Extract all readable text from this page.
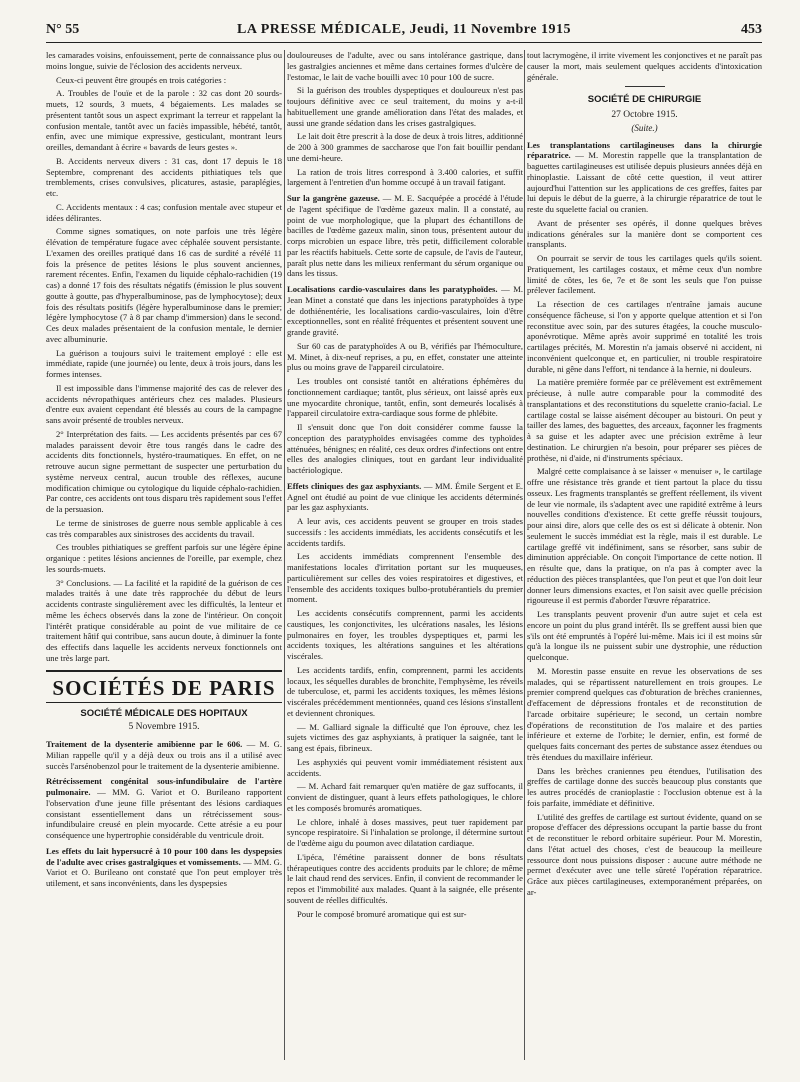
N° 55	LA PRESSE MÉDICALE, Jeudi, 11 Novembre 1915	453

les camarades voisins, enfouissement, perte de connaissance plus ou moins longue, suivie de l'éclosion des accidents nerveux.

Ceux-ci peuvent être groupés en trois catégories :

A. Troubles de l'ouïe et de la parole : 32 cas dont 20 sourds-muets, 12 sourds, 3 muets, 4 bégaiements. Les malades se présentent tantôt sous un aspect exprimant la terreur et rappelant la confusion mentale, tantôt avec un faciès impassible, hébété, tantôt, enfin, avec une mimique expressive, gesticulant, montrant leurs oreilles, demandant à écrire « bavards de leurs gestes ».

B. Accidents nerveux divers : 31 cas, dont 17 depuis le 18 Septembre, comprenant des accidents pithiatiques tels que tremblements, crises convulsives, plicatures, astasie, paraplégies, etc.

C. Accidents mentaux : 4 cas; confusion mentale avec stupeur et idées délirantes.

Comme signes somatiques, on note parfois une très légère élévation de température fugace avec céphalée souvent persistante. L'examen des oreilles pratiqué dans 16 cas de surdité a révélé 11 fois la présence de petites lésions le plus souvent anciennes, rarement récentes. Enfin, l'examen du liquide céphalo-rachidien (19 cas) a donné 17 fois des résultats négatifs (émission le plus souvent goutte à goutte, pas d'hyperalbuminose, pas de lymphocytose); deux fois des résultats positifs (légère hyperalbuminose dans le premier; légère lymphocytose (7 à 8 par champ d'immersion) dans le second. Ces deux malades présentaient de la confusion mentale, le dernier avec albuminurie.

La guérison a toujours suivi le traitement employé : elle est immédiate, rapide (une journée) ou lente, deux à trois jours, dans les formes intenses.

Il est impossible dans l'immense majorité des cas de relever des accidents névropathiques antérieurs chez ces malades. Plusieurs d'entre eux avaient cependant été blessés au cours de la campagne sans avoir présenté de troubles nerveux.

2° Interprétation des faits. — Les accidents présentés par ces 67 malades paraissent devoir être tous rangés dans le cadre des accidents dits fonctionnels, hystéro-traumatiques. En effet, on ne retrouve aucun signe permettant de suspecter une perturbation du système nerveux central, aucun trouble des réflexes, aucune modification chimique ou cytologique du liquide céphalo-rachidien. Par contre, ces accidents ont tous disparu très rapidement sous l'effet de la persuasion.

Le terme de sinistroses de guerre nous semble applicable à ces cas très comparables aux sinistroses des accidents du travail.

Ces troubles pithiatiques se greffent parfois sur une légère épine organique : petites lésions anciennes de l'oreille, par exemple, chez les sourds-muets.

3° Conclusions. — La facilité et la rapidité de la guérison de ces malades traités à une date très rapprochée du début de leurs accidents contraste singulièrement avec les difficultés, la lenteur et même les échecs observés dans la zone de l'intérieur. On conçoit l'intérêt pratique considérable au point de vue militaire de ce traitement hâtif qui contribue, sans aucun doute, à diminuer la fonte des effectifs dans laquelle les accidents nerveux fonctionnels ont une très large part.

SOCIÉTÉS DE PARIS
SOCIÉTÉ MÉDICALE DES HOPITAUX
5 Novembre 1915.

Traitement de la dysenterie amibienne par le 606. — M. G. Milian rappelle qu'il y a déjà deux ou trois ans il a utilisé avec succès l'arsénobenzol pour le traitement de la dysenterie amibienne.

Rétrécissement congénital sous-infundibulaire de l'artère pulmonaire. — MM. G. Variot et O. Burileano rapportent l'observation d'une jeune fille présentant des lésions cardiaques consistant essentiellement dans un rétrécissement sous-infundibulaire creusé en plein myocarde. Cette atrésie a eu pour conséquence une hypertrophie considérable du ventricule droit.

Les effets du lait hypersucré à 10 pour 100 dans les dyspepsies de l'adulte avec crises gastralgiques et vomissements. — MM. G. Variot et O. Burileano ont constaté que l'on peut employer très utilement, et sans inconvénients, dans les dyspepsies

douloureuses de l'adulte, avec ou sans intolérance gastrique, dans les gastralgies anciennes et même dans certaines formes d'ulcère de l'estomac, le lait de vache bouilli avec 10 pour 100 de sucre.

Si la guérison des troubles dyspeptiques et douloureux n'est pas toujours définitive avec ce seul traitement, du moins y a-t-il habituellement une grande amélioration dans l'état des malades, et aussi une grande sédation dans les crises gastralgiques.

Le lait doit être prescrit à la dose de deux à trois litres, additionné de 200 à 300 grammes de saccharose que l'on fait bouillir pendant une demi-heure.

La ration de trois litres correspond à 3.400 calories, et suffit largement à l'entretien d'un homme occupé à un travail fatigant.

Sur la gangrène gazeuse. — M. E. Sacquépée a procédé à l'étude de l'agent spécifique de l'œdème gazeux malin. Il a constaté, au point de vue morphologique, que la plupart des échantillons de bacilles de l'œdème gazeux malin, sinon tous, présentent autour du corps microbien un espace libre, très petit, difficilement colorable par les réactifs habituels. Cette sorte de capsule, de l'avis de l'auteur, paraît plus nette dans les milieux renfermant du sérum organique ou dans les tissus.

Localisations cardio-vasculaires dans les paratyphoïdes. — M. Jean Minet a constaté que dans les injections paratyphoïdes à type de dothiénentérie, les localisations cardio-vasculaires, loin d'être exceptionnelles, sont en réalité fréquentes et présentent souvent une grande gravité.

Sur 60 cas de paratyphoïdes A ou B, vérifiés par l'hémoculture, M. Minet, à dix-neuf reprises, a pu, en effet, constater une atteinte plus ou moins grave de l'appareil circulatoire.

Les troubles ont consisté tantôt en altérations éphémères du fonctionnement cardiaque; tantôt, plus sérieux, ont laissé après eux une myocardite chronique, tantôt, enfin, sont demeurés localisés à l'appareil circulatoire extra-cardiaque sous forme de phlébite.

Il s'ensuit donc que l'on doit considérer comme fausse la conception des paratyphoïdes envisagées comme des typhoïdes atténuées, bénignes; en réalité, ces deux ordres d'infections ont entre elles des analogies cliniques, tout en gardant leur individualité bactériologique.

Effets cliniques des gaz asphyxiants. — MM. Émile Sergent et E. Agnel ont étudié au point de vue clinique les accidents déterminés par les gaz asphyxiants.

A leur avis, ces accidents peuvent se grouper en trois stades successifs : les accidents immédiats, les accidents consécutifs et les accidents tardifs.

Les accidents immédiats comprennent l'ensemble des manifestations locales d'irritation portant sur les muqueuses, particulièrement sur celles des voies respiratoires et digestives, et l'ensemble des accidents toxiques bulbo-protubérantiels du premier moment.

Les accidents consécutifs comprennent, parmi les accidents caustiques, les conjonctivites, les ulcérations nasales, les lésions pulmonaires en foyer, les troubles dyspeptiques et, parmi les accidents toxiques, les altérations sanguines et les altérations viscérales.

Les accidents tardifs, enfin, comprennent, parmi les accidents locaux, les séquelles durables de bronchite, l'emphysème, les réveils de tuberculose, et, parmi les accidents toxiques, les mêmes lésions viscérales précédemment mentionnées, quand ces lésions s'installent et deviennent chroniques.

— M. Galliard signale la difficulté que l'on éprouve, chez les sujets victimes des gaz asphyxiants, à pratiquer la saignée, tant le sang est épais, fibrineux.

Les asphyxiés qui peuvent vomir immédiatement résistent aux accidents.

— M. Achard fait remarquer qu'en matière de gaz suffocants, il convient de distinguer, quant à leurs effets pathologiques, le chlore et les composés bromurés aromatiques.

Le chlore, inhalé à doses massives, peut tuer rapidement par syncope respiratoire. Si l'inhalation se prolonge, il détermine surtout de l'œdème aigu du poumon avec dilatation cardiaque.

L'ipéca, l'émétine paraissent donner de bons résultats thérapeutiques contre des accidents produits par le chlore; de même le lait chaud rend des services. Enfin, il convient de recommander le repos et l'immobilité aux malades. Quant à la saignée, elle présente souvent de réelles difficultés.

Pour le composé bromuré aromatique qui est sur-

tout lacrymogène, il irrite vivement les conjonctives et ne paraît pas causer la mort, mais seulement quelques accidents d'intoxication générale.

SOCIÉTÉ DE CHIRURGIE
27 Octobre 1915.
(Suite.)

Les transplantations cartilagineuses dans la chirurgie réparatrice. — M. Morestin rappelle que la transplantation de baguettes cartilagineuses est utilisée depuis plusieurs années déjà en rhinoplastie. Laissant de côté cette question, il veut attirer aujourd'hui l'attention sur les applications de ces greffes, faites par lui depuis le début de la guerre, à la chirurgie réparatrice de tout le reste du squelette facial ou cranien.

Avant de présenter ses opérés, il donne quelques brèves indications générales sur la manière dont se comportent ces transplants.

On pourrait se servir de tous les cartilages quels qu'ils soient. Pratiquement, les cartilages costaux, et même ceux d'un nombre limité de côtes, les 6e, 7e et 8e sont les seuls que l'on puisse prélever facilement.

La résection de ces cartilages n'entraîne jamais aucune conséquence fâcheuse, si l'on y apporte quelque attention et si l'on reconstitue avec soin, par des sutures étagées, la couche musculo-aponévrotique. Même après avoir supprimé en totalité les trois cartilages précités, M. Morestin n'a jamais observé ni accident, ni inconvénient quelconque et, en particulier, ni trouble respiratoire durable, ni gêne dans l'effort, ni tendance à la hernie, ni douleurs.

La matière première formée par ce prélèvement est extrêmement précieuse, à nulle autre comparable pour la commodité des transplantations et des reconstitutions du squelette cranio-facial. Le cartilage costal se laisse aisément découper au bistouri. On peut y tailler des lames, des baguettes, des arceaux, façonner les fragments à sa guise et les adapter avec une précision extrême à leur destination. Le chirurgien n'a besoin, pour préparer ses pièces de prothèse, ni d'aide, ni d'instruments spéciaux.

Malgré cette complaisance à se laisser « menuiser », le cartilage offre une résistance très grande et tient partout la place du tissu osseux. Les fragments transplantés se greffent réellement, ils vivent de leur vie normale, ils s'adaptent avec une rapidité extrême à leurs nouvelles conditions d'existence. Et cette greffe réussit toujours, pour ainsi dire, alors que celle des os est si délicate à obtenir. Non seulement le succès immédiat est la règle, mais il est durable. Le cartilage greffé vit indéfiniment, sans se résorber, sans subir de diminution appréciable. On conçoit l'importance de cette notion. Il en résulte que, dans la pratique, on n'a pas à compter avec la réduction des pièces transplantées, que l'on peut et que l'on doit leur donner leurs dimensions exactes, et l'on saisit avec quelle précision rigoureuse il est permis d'aborder l'œuvre réparatrice.

Les transplants peuvent provenir d'un autre sujet et cela est encore un point du plus grand intérêt. Ils se greffent aussi bien que s'ils ont été empruntés à l'opéré lui-même. Mais ici il est moins sûr qu'à la longue ils ne puissent subir une dystrophie, une réduction quelconque.

M. Morestin passe ensuite en revue les observations de ses malades, qui se répartissent naturellement en trois groupes. Le premier comprend quelques cas d'obturation de brèches craniennes, d'effacement de dépressions frontales et de reconstitution de l'arcade orbitaire supérieure; le second, un certain nombre d'opérations de reconstitution de l'os malaire et des parties inférieure et externe de l'orbite; le dernier, enfin, est formé de quelques faits concernant des pertes de substance assez étendues ou très étendues du maxillaire inférieur.

Dans les brèches craniennes peu étendues, l'utilisation des greffes de cartilage donne des succès beaucoup plus constants que les autres procédés de cranioplastie : l'occlusion obtenue est à la fois parfaite, immédiate et définitive.

L'utilité des greffes de cartilage est surtout évidente, quand on se propose d'effacer des dépressions occupant la partie basse du front et de reconstituer le rebord orbitaire supérieur. Pour M. Morestin, dans l'état actuel des choses, c'est de beaucoup la meilleure ressource dont nous puissions disposer : aucune autre méthode ne permet d'exécuter avec une telle sûreté l'opération réparatrice. Grâce aux pièces cartilagineuses, extemporanément préparées, on ar-
